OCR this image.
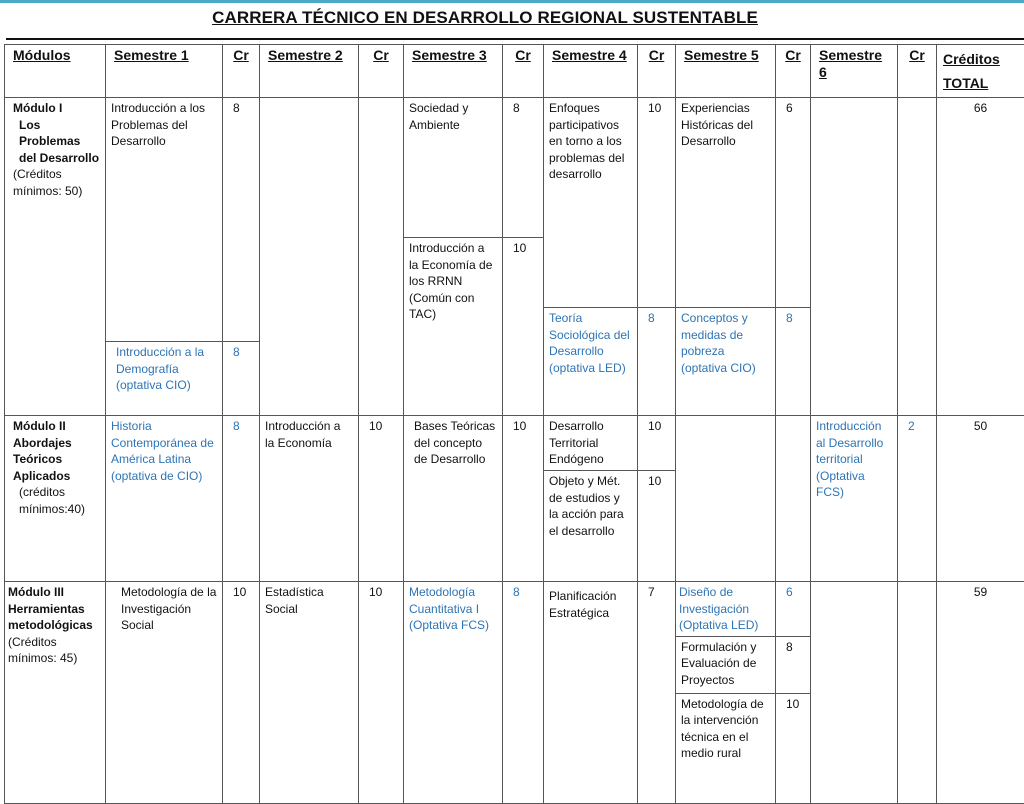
CARRERA TÉCNICO EN DESARROLLO REGIONAL SUSTENTABLE
Módulos	Semestre 1	Cr	Semestre 2	Cr	Semestre 3	Cr	Semestre 4	Cr	Semestre 5	Cr	Semestre 6	Cr	Créditos
TOTAL

Módulo I
Los
Problemas
del Desarrollo
(Créditos mínimos: 50)	Introducción a los Problemas del Desarrollo	8			Sociedad y Ambiente	8	Enfoques participativos en torno a los problemas del desarrollo	10	Experiencias Históricas del Desarrollo	6			66
					Introducción a la Economía de los RRNN (Común con TAC)	10							
							Teoría Sociológica del Desarrollo (optativa LED)	8	Conceptos y medidas de pobreza (optativa CIO)	8			
	Introducción a la Demografía (optativa CIO)	8											

Módulo II
Abordajes
Teóricos
Aplicados
(créditos mínimos:40)	Historia Contemporánea de América Latina (optativa de CIO)	8	Introducción a la Economía	10	Bases Teóricas del concepto de Desarrollo	10	Desarrollo Territorial Endógeno	10			Introducción al Desarrollo territorial (Optativa FCS)	2	50
							Objeto y Mét. de estudios y la acción para el desarrollo	10					

Módulo III
Herramientas
metodológicas
(Créditos mínimos: 45)	Metodología de la Investigación Social	10	Estadística Social	10	Metodología Cuantitativa I (Optativa FCS)	8	Planificación Estratégica	7	Diseño de Investigación (Optativa LED)	6			59
									Formulación y Evaluación de Proyectos	8			
									Metodología de la intervención técnica en el medio rural	10			
